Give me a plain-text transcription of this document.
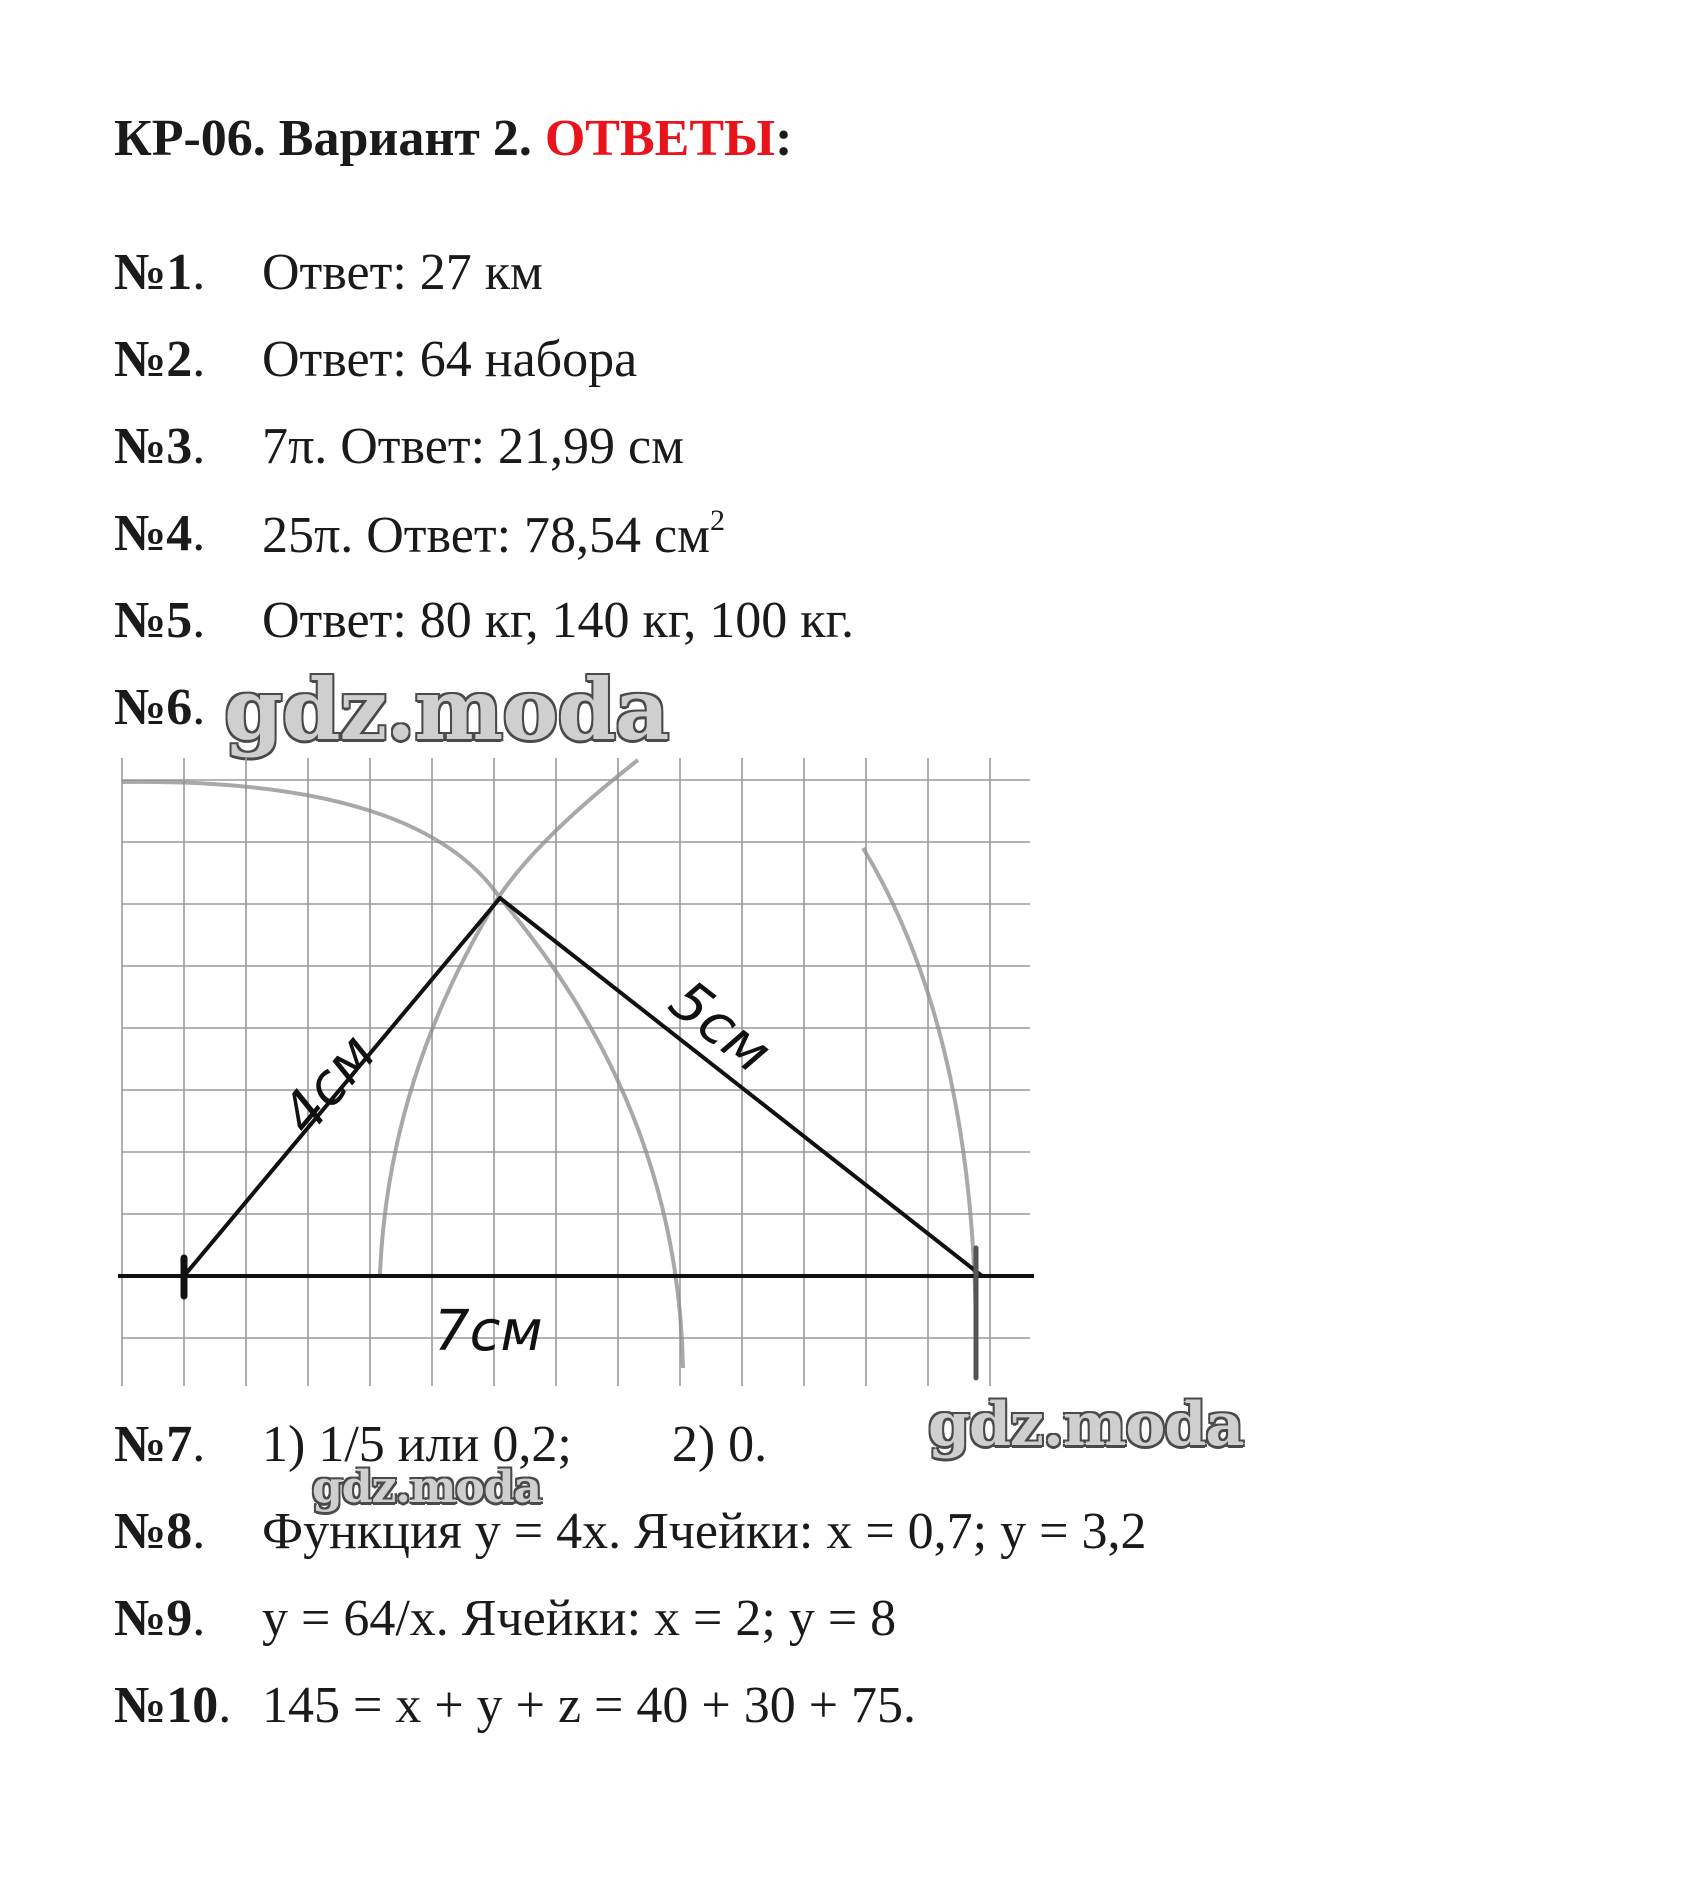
КР-06. Вариант 2. ОТВЕТЫ:
№1. Ответ: 27 км
№2. Ответ: 64 набора
№3. 7π. Ответ: 21,99 см
№4. 25π. Ответ: 78,54 $см^2$
№5. Ответ: 80 кг, 140 кг, 100 кг.
№6. gdz.moda
4см	5см
7см
№7. 1) 1/5 или 0,2; 2) 0.	gdz.moda
gdz.moda
№8. Функция у = 4х. Ячейки: х = 0,7; у = 3,2
№9. у = 64/х. Ячейки: х = 2; у = 8
№10. 145 = х + у + z = 40 + 30 + 75.
